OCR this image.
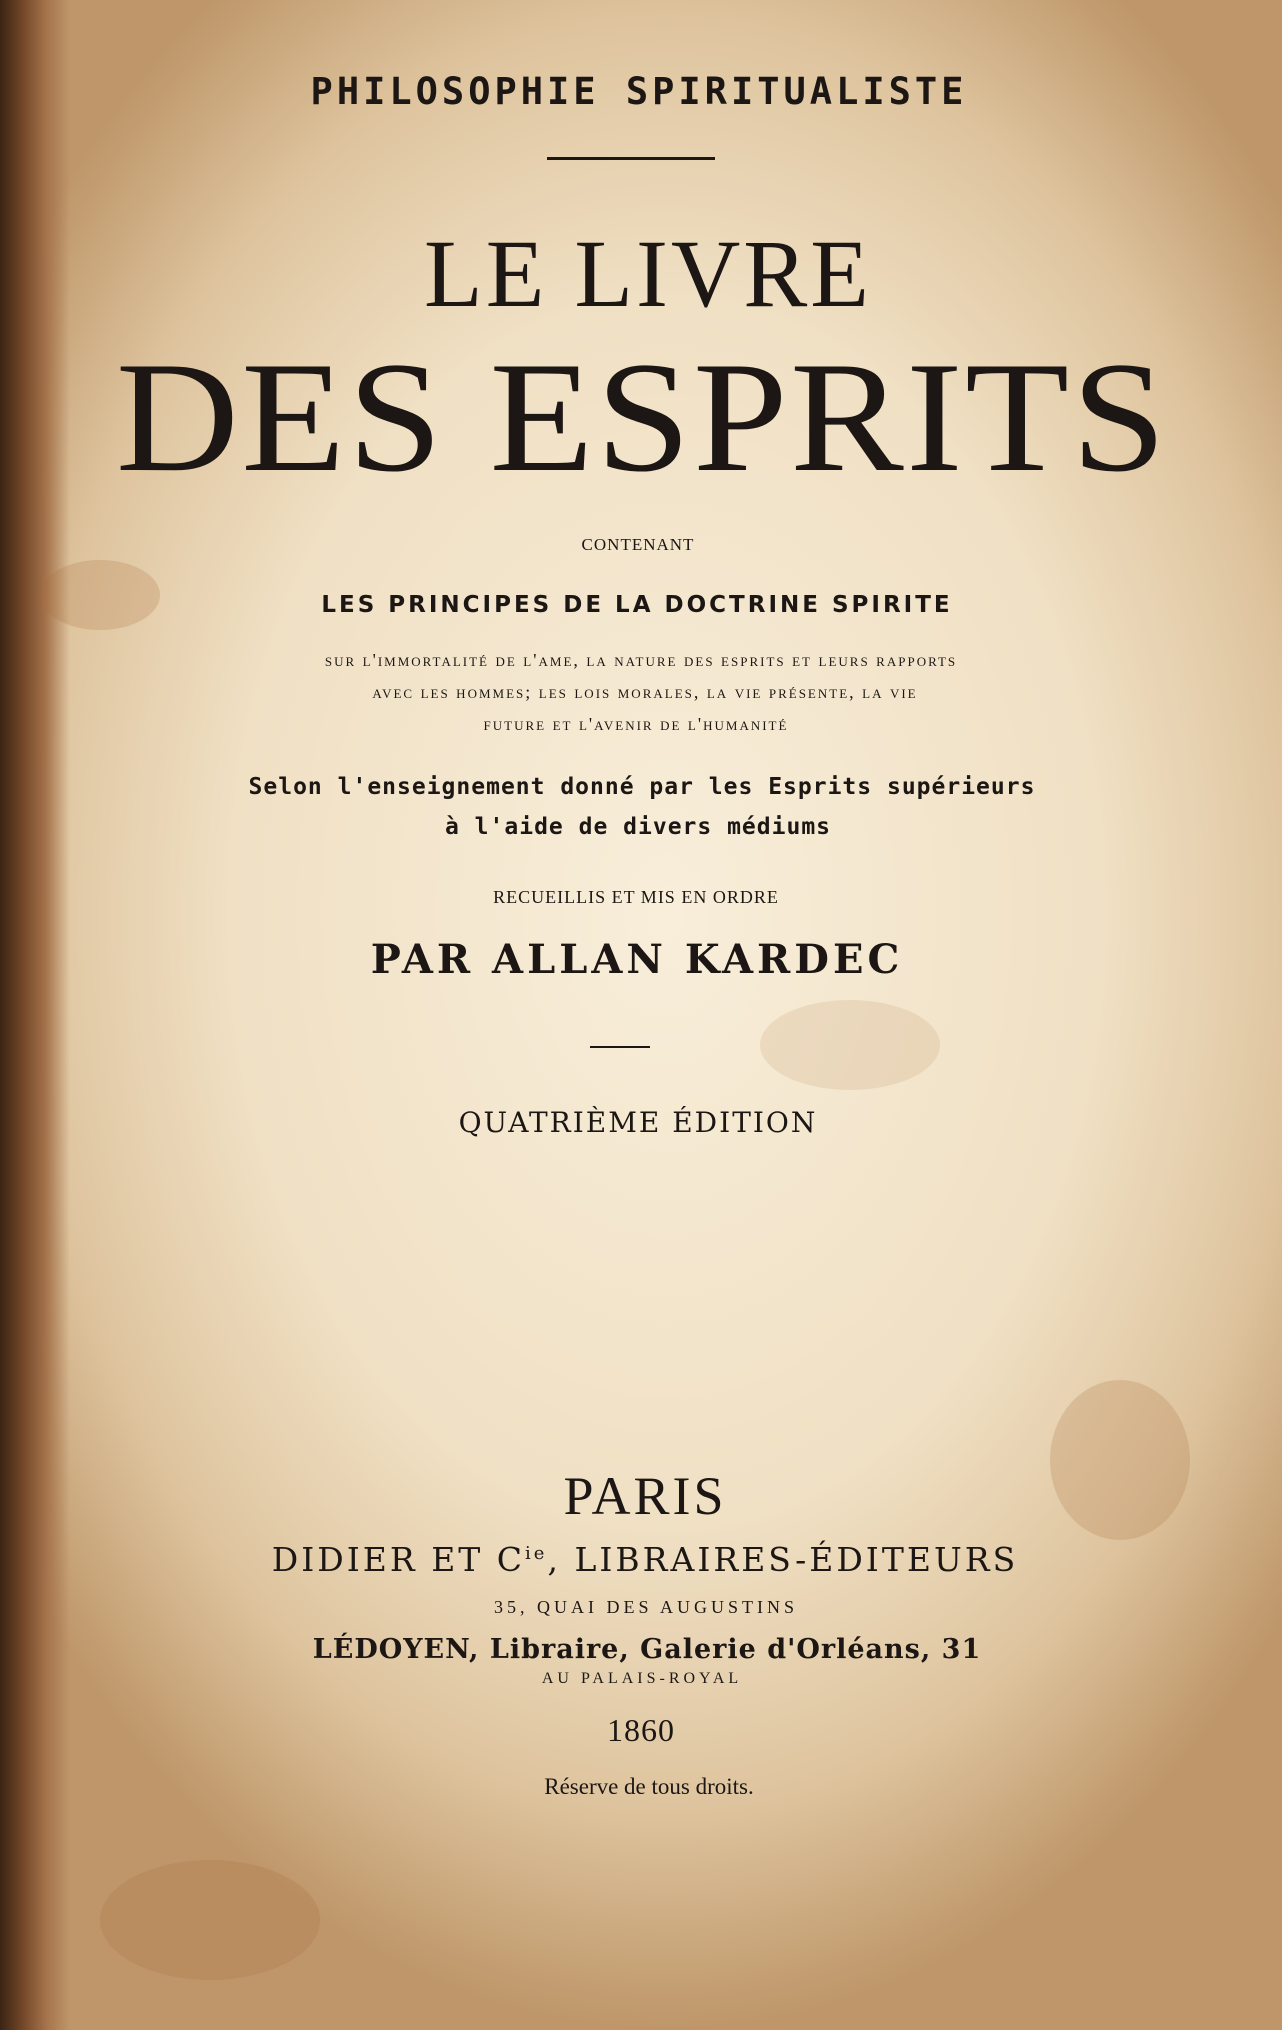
PHILOSOPHIE SPIRITUALISTE
LE LIVRE
DES ESPRITS
CONTENANT
LES PRINCIPES DE LA DOCTRINE SPIRITE
sur l'immortalité de l'ame, la nature des esprits et leurs rapports
avec les hommes; les lois morales, la vie présente, la vie
future et l'avenir de l'humanité
Selon l'enseignement donné par les Esprits supérieurs
à l'aide de divers médiums
RECUEILLIS ET MIS EN ORDRE
PAR ALLAN KARDEC
QUATRIÈME ÉDITION
PARIS
DIDIER ET $C^{ie}$, LIBRAIRES-ÉDITEURS
35, QUAI DES AUGUSTINS
LÉDOYEN, Libraire, Galerie d'Orléans, 31
AU PALAIS-ROYAL
1860
Réserve de tous droits.
